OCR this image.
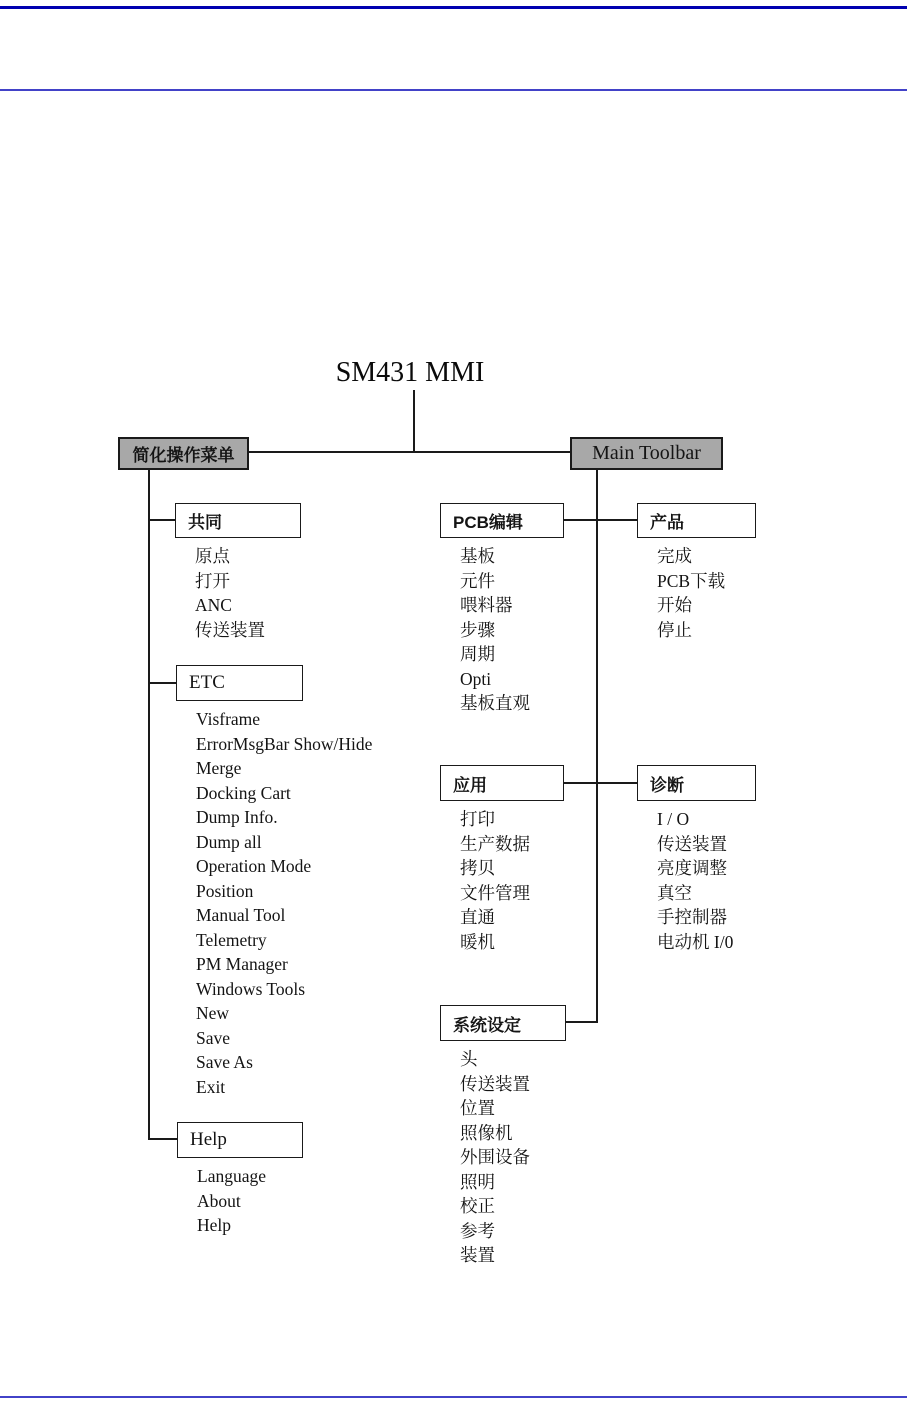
SM431 MMI
简化操作菜单	Main Toolbar
共同
原点
打开
ANC
传送装置
ETC
Visframe
ErrorMsgBar Show/Hide
Merge
Docking Cart
Dump Info.
Dump all
Operation Mode
Position
Manual Tool
Telemetry
PM Manager
Windows Tools
New
Save
Save As
Exit
Help
Language
About
Help
PCB编辑
基板
元件
喂料器
步骤
周期
Opti
基板直观
应用
打印
生产数据
拷贝
文件管理
直通
暖机
系统设定
头
传送装置
位置
照像机
外围设备
照明
校正
参考
装置
产品
完成
PCB下载
开始
停止
诊断
I / O
传送装置
亮度调整
真空
手控制器
电动机 I/0
